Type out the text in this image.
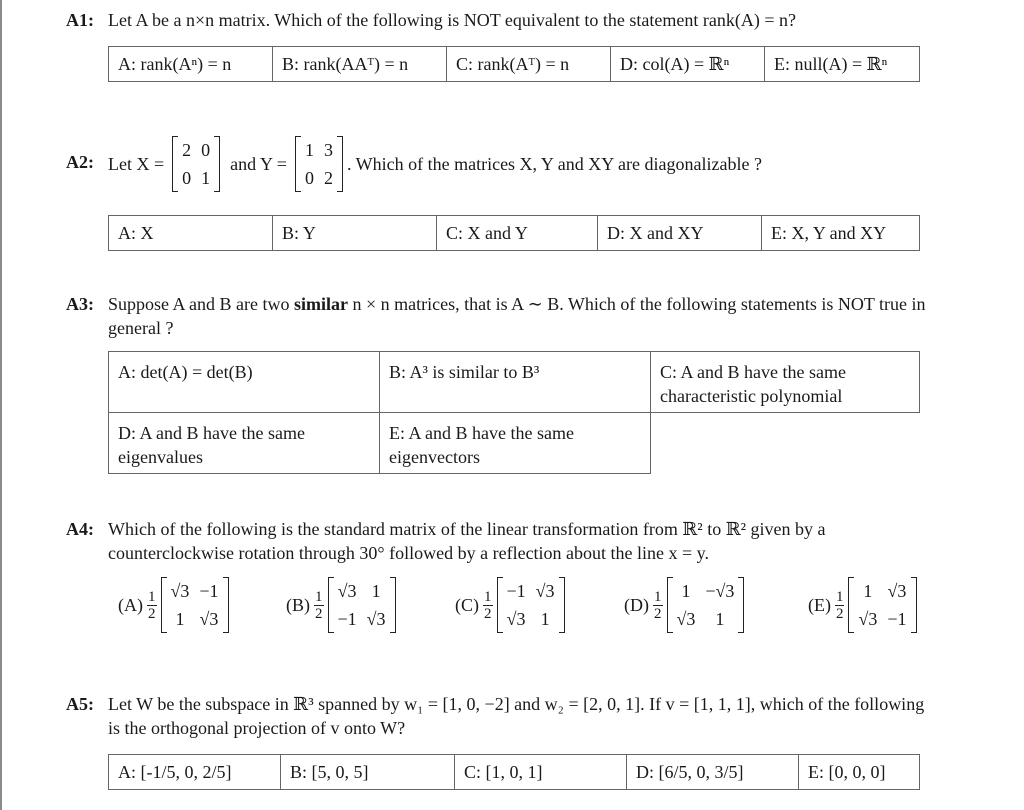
A1: Let A be a n×n matrix. Which of the following is NOT equivalent to the statement rank(A) = n?
A: rank(Aⁿ) = n	B: rank(AAᵀ) = n	C: rank(Aᵀ) = n	D: col(A) = ℝⁿ	E: null(A) = ℝⁿ
A2: Let X =
2	0
0	1
and Y =
1	3
0	2
. Which of the matrices X, Y and XY are diagonalizable ?
A: X	B: Y	C: X and Y	D: X and XY	E: X, Y and XY
A3: Suppose A and B are two similar n × n matrices, that is A ∼ B. Which of the following statements is NOT true in general ?
A: det(A) = det(B)	B: A³ is similar to B³	C: A and B have the same characteristic polynomial
D: A and B have the same eigenvalues	E: A and B have the same eigenvectors	
A4: Which of the following is the standard matrix of the linear transformation from ℝ² to ℝ² given by a counterclockwise rotation through 30° followed by a reflection about the line x = y.
$(A) \frac{1}{2} √3$	−1
1	√3
$(B) \frac{1}{2} √3$	1
−1	√3
$(C) \frac{1}{2} -1$	√3
√3	1
$(D) \frac{1}{2} 1$	−√3
√3	1
$(E) \frac{1}{2} 1$	√3
√3	−1
A5: Let W be the subspace in ℝ³ spanned by w₁ = [1, 0, −2] and w₂ = [2, 0, 1]. If v = [1, 1, 1], which of the following is the orthogonal projection of v onto W?
A: [-1/5, 0, 2/5]	B: [5, 0, 5]	C: [1, 0, 1]	D: [6/5, 0, 3/5]	E: [0, 0, 0]
